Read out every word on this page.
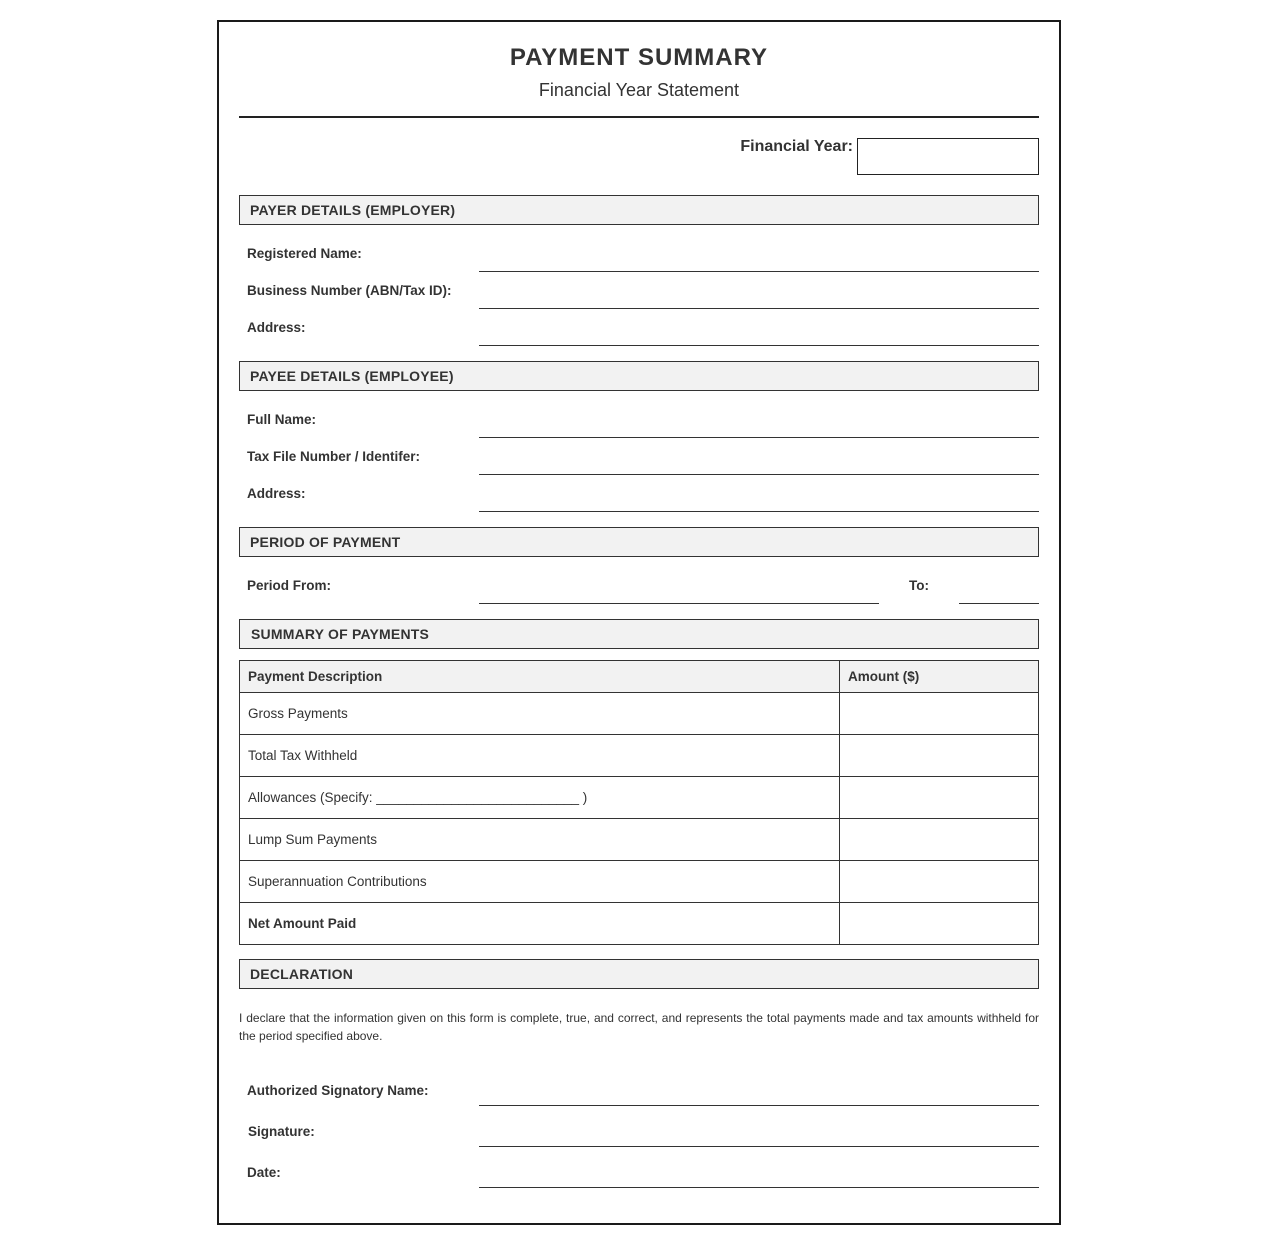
PAYMENT SUMMARY
Financial Year Statement
Financial Year:
PAYER DETAILS (EMPLOYER)
Registered Name:
Business Number (ABN/Tax ID):
Address:
PAYEE DETAILS (EMPLOYEE)
Full Name:
Tax File Number / Identifer:
Address:
PERIOD OF PAYMENT
Period From:	To:
SUMMARY OF PAYMENTS
Payment Description	Amount ($)
Gross Payments	
Total Tax Withheld	
Allowances (Specify: ___________________________ )	
Lump Sum Payments	
Superannuation Contributions	
Net Amount Paid	
DECLARATION
I declare that the information given on this form is complete, true, and correct, and represents the total payments made and tax amounts withheld for the period specified above.
Authorized Signatory Name:
Signature:
Date:
